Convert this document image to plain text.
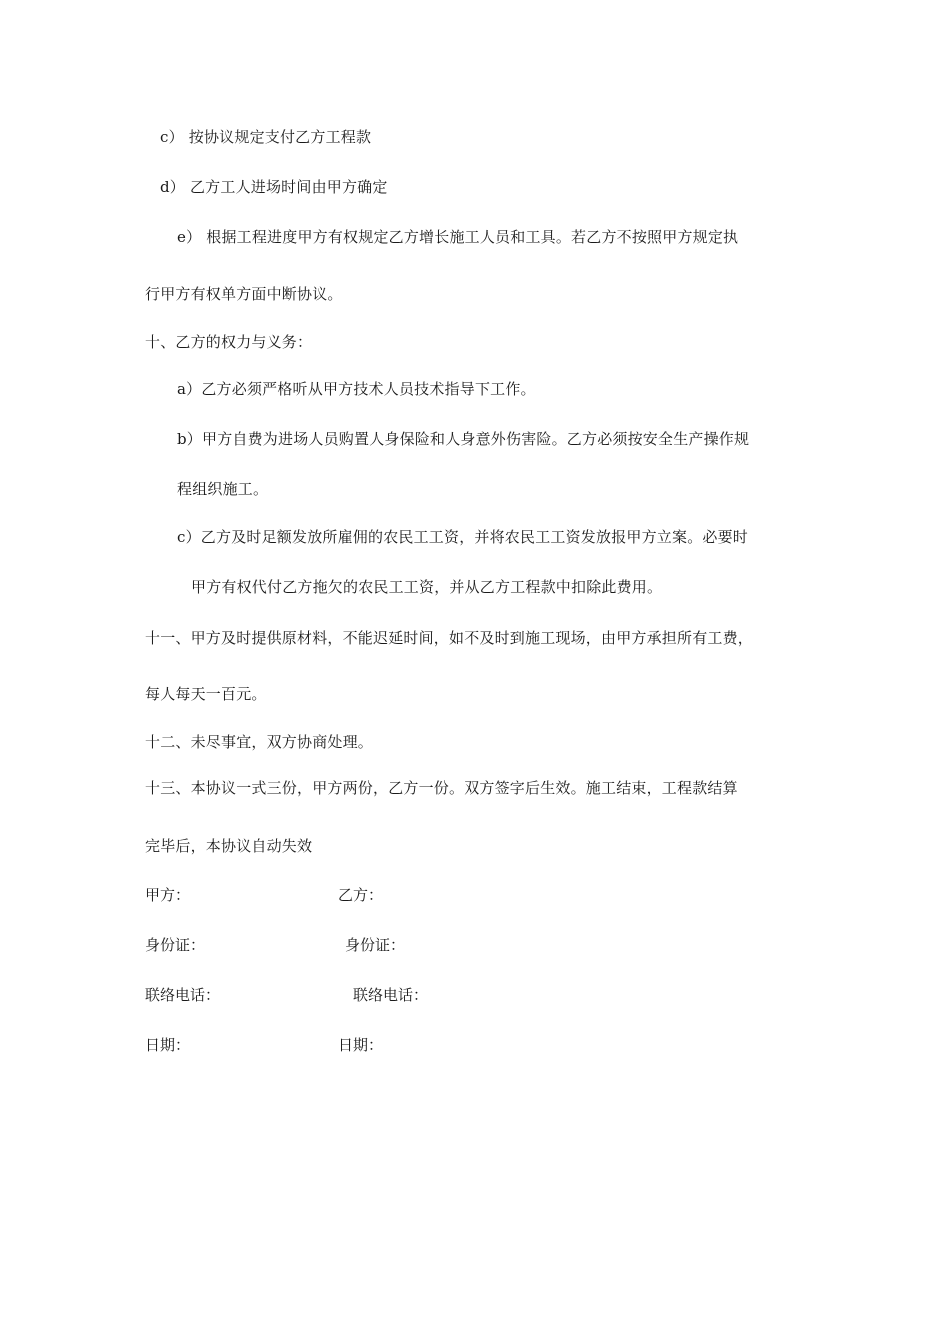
c） 按协议规定支付乙方工程款
d） 乙方工人进场时间由甲方确定
e） 根据工程进度甲方有权规定乙方增长施工人员和工具。若乙方不按照甲方规定执
行甲方有权单方面中断协议。
十、乙方的权力与义务：
a）乙方必须严格听从甲方技术人员技术指导下工作。
b）甲方自费为进场人员购置人身保险和人身意外伤害险。乙方必须按安全生产操作规
程组织施工。
c）乙方及时足额发放所雇佣的农民工工资，并将农民工工资发放报甲方立案。必要时
甲方有权代付乙方拖欠的农民工工资，并从乙方工程款中扣除此费用。
十一、甲方及时提供原材料，不能迟延时间，如不及时到施工现场，由甲方承担所有工费，
每人每天一百元。
十二、未尽事宜，双方协商处理。
十三、本协议一式三份，甲方两份，乙方一份。双方签字后生效。施工结束，工程款结算
完毕后，本协议自动失效
甲方：	乙方：
身份证：	身份证：
联络电话：	联络电话：
日期：	日期：
